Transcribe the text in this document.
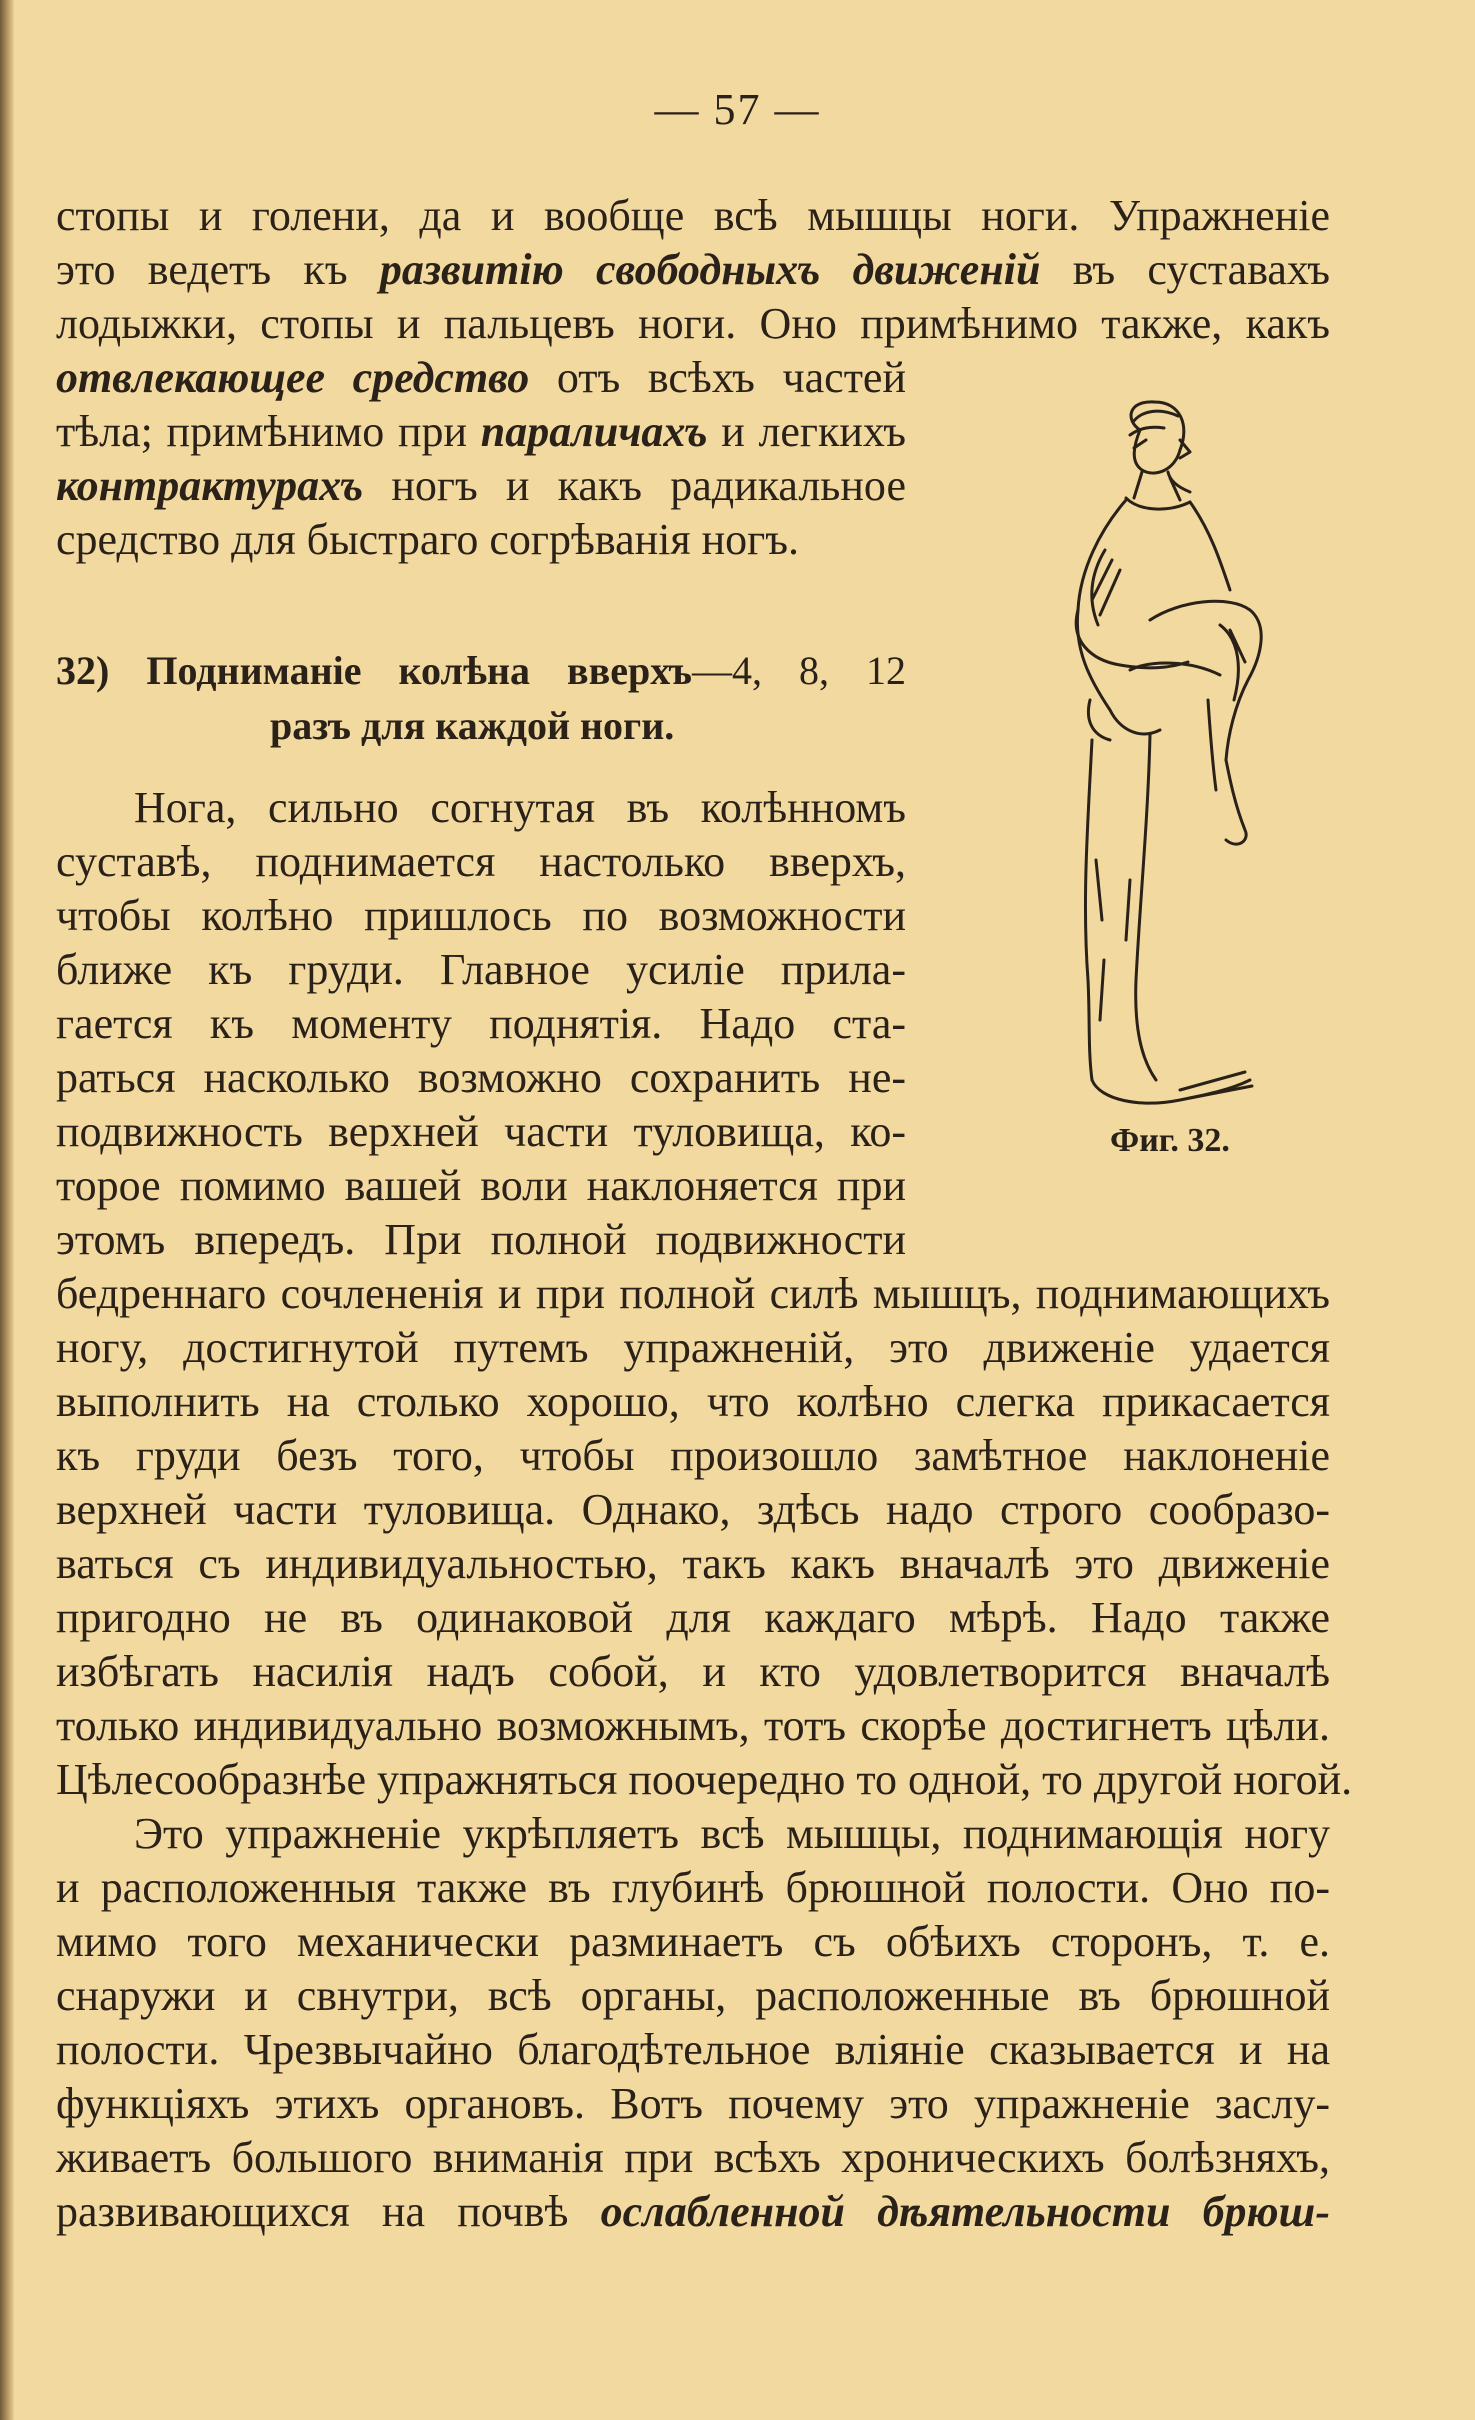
— 57 —
стопы и голени, да и вообще всѣ мышцы ноги. Упражненіе
это ведетъ къ развитію свободныхъ движеній въ суставахъ
лодыжки, стопы и пальцевъ ноги. Оно примѣнимо также, какъ
отвлекающее средство отъ всѣхъ частей
тѣла; примѣнимо при параличахъ и легкихъ
контрактурахъ ногъ и какъ радикальное
средство для быстраго согрѣванія ногъ.
32) Подниманіе колѣна вверхъ—4, 8, 12
разъ для каждой ноги.
Нога, сильно согнутая въ колѣнномъ
суставѣ, поднимается настолько вверхъ,
чтобы колѣно пришлось по возможности
ближе къ груди. Главное усиліе прила-
гается къ моменту поднятія. Надо ста-
раться насколько возможно сохранить не-
подвижность верхней части туловища, ко-
торое помимо вашей воли наклоняется при
этомъ впередъ. При полной подвижности
бедреннаго сочлененія и при полной силѣ мышцъ, поднимающихъ
ногу, достигнутой путемъ упражненій, это движеніе удается
выполнить на столько хорошо, что колѣно слегка прикасается
къ груди безъ того, чтобы произошло замѣтное наклоненіе
верхней части туловища. Однако, здѣсь надо строго сообразо-
ваться съ индивидуальностью, такъ какъ вначалѣ это движеніе
пригодно не въ одинаковой для каждаго мѣрѣ. Надо также
избѣгать насилія надъ собой, и кто удовлетворится вначалѣ
только индивидуально возможнымъ, тотъ скорѣе достигнетъ цѣли.
Цѣлесообразнѣе упражняться поочередно то одной, то другой ногой.
Это упражненіе укрѣпляетъ всѣ мышцы, поднимающія ногу
и расположенныя также въ глубинѣ брюшной полости. Оно по-
мимо того механически разминаетъ съ обѣихъ сторонъ, т. е.
снаружи и свнутри, всѣ органы, расположенные въ брюшной
полости. Чрезвычайно благодѣтельное вліяніе сказывается и на
функціяхъ этихъ органовъ. Вотъ почему это упражненіе заслу-
живаетъ большого вниманія при всѣхъ хроническихъ болѣзняхъ,
развивающихся на почвѣ ослабленной дѣятельности брюш-
Фиг. 32.
